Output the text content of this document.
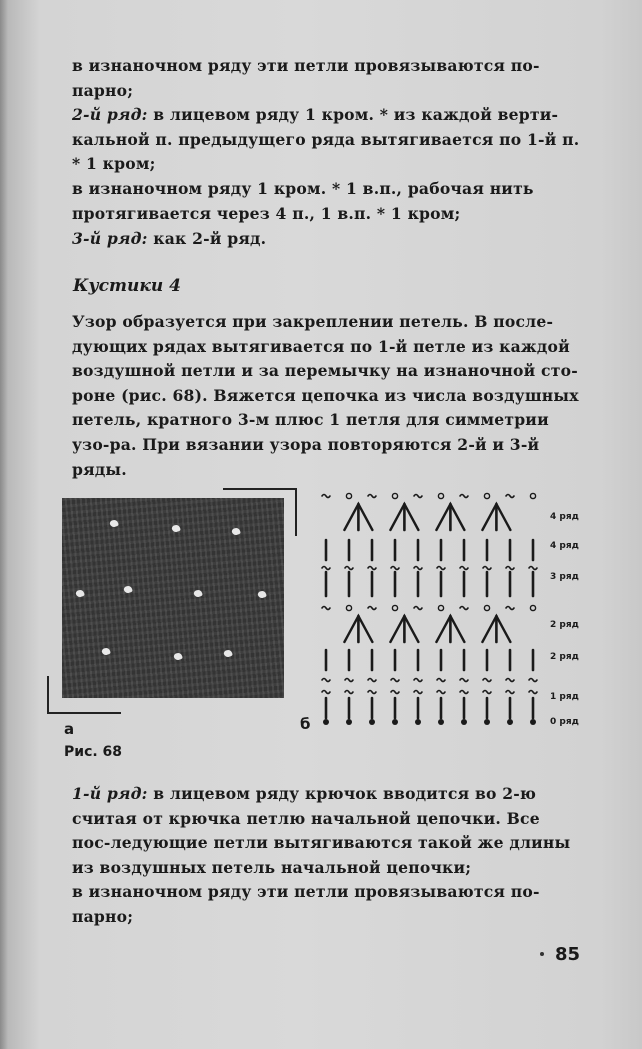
в изнаночном ряду эти петли провязываются по-парно;

2-й ряд: в лицевом ряду 1 кром. * из каждой верти-кальной п. предыдущего ряда вытягивается по 1-й п. * 1 кром;

в изнаночном ряду 1 кром. * 1 в.п., рабочая нить протягивается через 4 п., 1 в.п. * 1 кром;

3-й ряд: как 2-й ряд.

Кустики 4

Узор образуется при закреплении петель. В после-дующих рядах вытягивается по 1-й петле из каждой воздушной петли и за перемычку на изнаночной сто-роне (рис. 68). Вяжется цепочка из числа воздушных петель, кратного 3-м плюс 1 петля для симметрии узо-ра. При вязании узора повторяются 2-й и 3-й ряды.

а	б
4 ряд
4 ряд
3 ряд
2 ряд
2 ряд
1 ряд
0 ряд
Рис. 68

1-й ряд: в лицевом ряду крючок вводится во 2-ю считая от крючка петлю начальной цепочки. Все пос-ледующие петли вытягиваются такой же длины из воздушных петель начальной цепочки;

в изнаночном ряду эти петли провязываются по-парно;

85
